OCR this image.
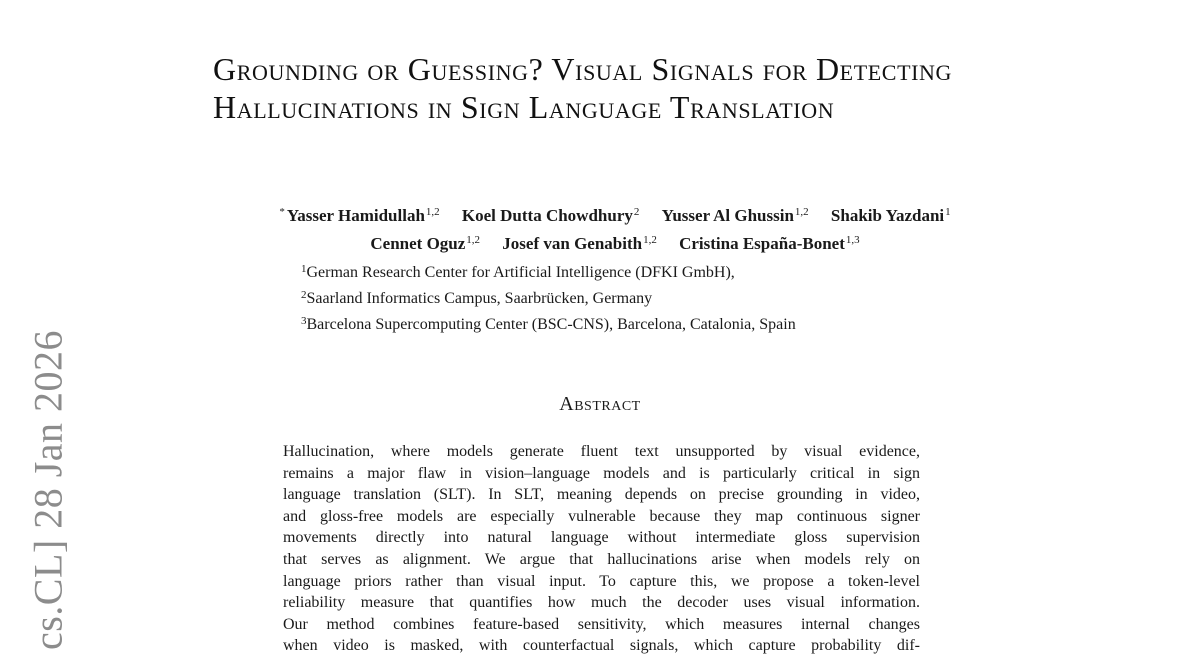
cs.CL] 28 Jan 2026
Grounding or Guessing? Visual Signals for Detecting Hallucinations in Sign Language Translation
* Yasser Hamidullah$^{1,2}$ Koel Dutta Chowdhury$^2$ Yusser Al Ghussin$^{1,2}$ Shakib Yazdani$^1$
Cennet Oguz$^{1,2}$ Josef van Genabith$^{1,2}$ Cristina España-Bonet$^{1,3}$
$^1$German Research Center for Artificial Intelligence (DFKI GmbH),
$^2$Saarland Informatics Campus, Saarbrücken, Germany
$^3$Barcelona Supercomputing Center (BSC-CNS), Barcelona, Catalonia, Spain
Abstract
Hallucination, where models generate fluent text unsupported by visual evidence,
remains a major flaw in vision–language models and is particularly critical in sign
language translation (SLT). In SLT, meaning depends on precise grounding in video,
and gloss-free models are especially vulnerable because they map continuous signer
movements directly into natural language without intermediate gloss supervision
that serves as alignment. We argue that hallucinations arise when models rely on
language priors rather than visual input. To capture this, we propose a token-level
reliability measure that quantifies how much the decoder uses visual information.
Our method combines feature-based sensitivity, which measures internal changes
when video is masked, with counterfactual signals, which capture probability dif-
